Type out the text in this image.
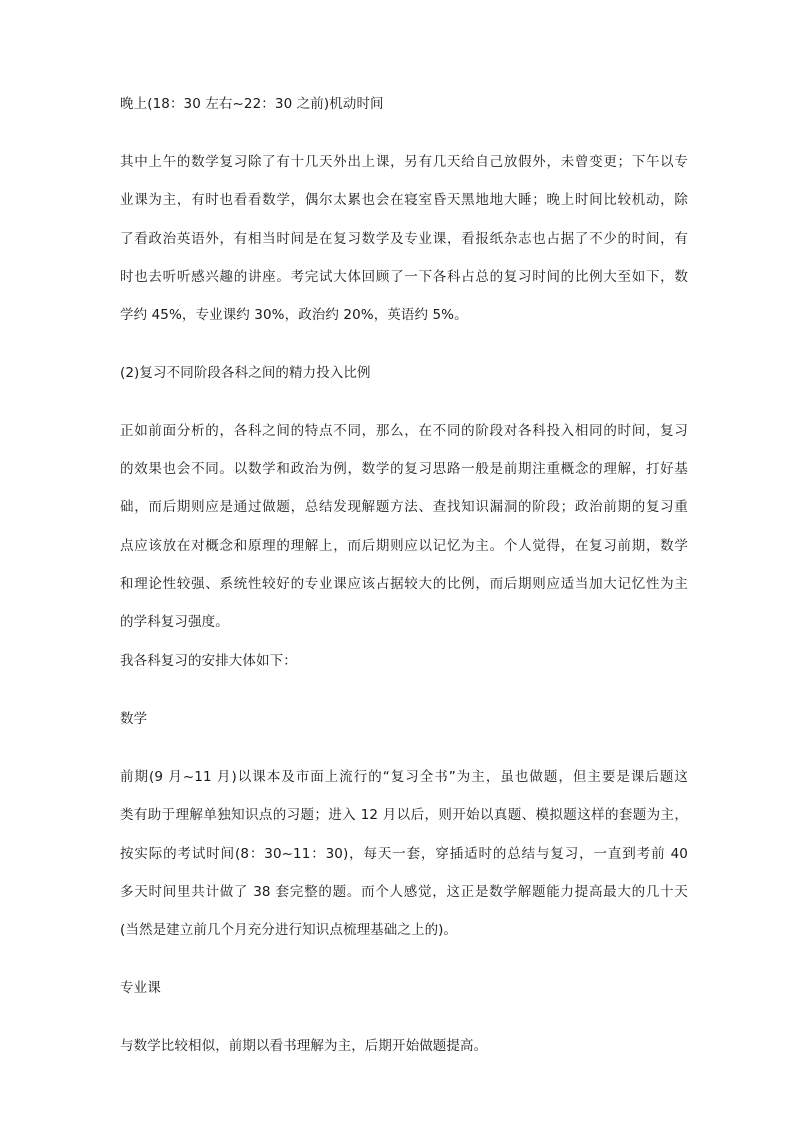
晚上(18：30 左右~22：30 之前)机动时间
其中上午的数学复习除了有十几天外出上课，另有几天给自己放假外，未曾变更；下午以专
业课为主，有时也看看数学，偶尔太累也会在寝室昏天黑地地大睡；晚上时间比较机动，除
了看政治英语外，有相当时间是在复习数学及专业课，看报纸杂志也占据了不少的时间，有
时也去听听感兴趣的讲座。考完试大体回顾了一下各科占总的复习时间的比例大至如下，数
学约 45%，专业课约 30%，政治约 20%，英语约 5%。
(2)复习不同阶段各科之间的精力投入比例
正如前面分析的，各科之间的特点不同，那么，在不同的阶段对各科投入相同的时间，复习
的效果也会不同。以数学和政治为例，数学的复习思路一般是前期注重概念的理解，打好基
础，而后期则应是通过做题，总结发现解题方法、查找知识漏洞的阶段；政治前期的复习重
点应该放在对概念和原理的理解上，而后期则应以记忆为主。个人觉得，在复习前期，数学
和理论性较强、系统性较好的专业课应该占据较大的比例，而后期则应适当加大记忆性为主
的学科复习强度。
我各科复习的安排大体如下：
数学
前期(9 月~11 月)以课本及市面上流行的“复习全书”为主，虽也做题，但主要是课后题这
类有助于理解单独知识点的习题；进入 12 月以后，则开始以真题、模拟题这样的套题为主，
按实际的考试时间(8：30~11：30)，每天一套，穿插适时的总结与复习，一直到考前 40
多天时间里共计做了 38 套完整的题。而个人感觉，这正是数学解题能力提高最大的几十天
(当然是建立前几个月充分进行知识点梳理基础之上的)。
专业课
与数学比较相似，前期以看书理解为主，后期开始做题提高。
